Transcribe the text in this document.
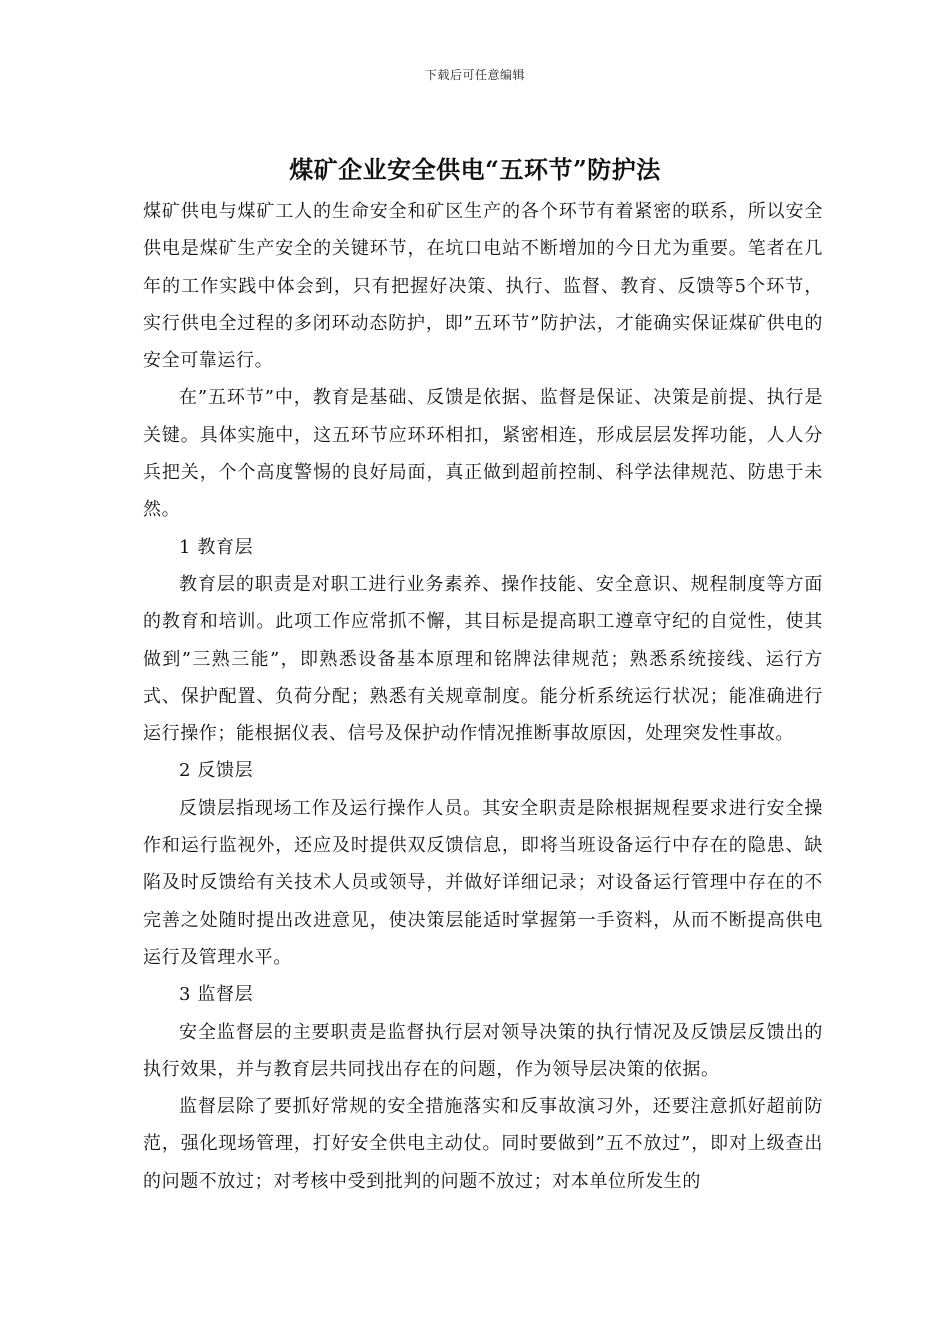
下载后可任意编辑
煤矿企业安全供电“五环节”防护法

煤矿供电与煤矿工人的生命安全和矿区生产的各个环节有着紧密的联系，所以安全供电是煤矿生产安全的关键环节，在坑口电站不断增加的今日尤为重要。笔者在几年的工作实践中体会到，只有把握好决策、执行、监督、教育、反馈等5个环节，实行供电全过程的多闭环动态防护，即”五环节”防护法，才能确实保证煤矿供电的安全可靠运行。

在”五环节”中，教育是基础、反馈是依据、监督是保证、决策是前提、执行是关键。具体实施中，这五环节应环环相扣，紧密相连，形成层层发挥功能，人人分兵把关，个个高度警惕的良好局面，真正做到超前控制、科学法律规范、防患于未然。

1 教育层

教育层的职责是对职工进行业务素养、操作技能、安全意识、规程制度等方面的教育和培训。此项工作应常抓不懈，其目标是提高职工遵章守纪的自觉性，使其做到”三熟三能”，即熟悉设备基本原理和铭牌法律规范；熟悉系统接线、运行方式、保护配置、负荷分配；熟悉有关规章制度。能分析系统运行状况；能准确进行运行操作；能根据仪表、信号及保护动作情况推断事故原因，处理突发性事故。

2 反馈层

反馈层指现场工作及运行操作人员。其安全职责是除根据规程要求进行安全操作和运行监视外，还应及时提供双反馈信息，即将当班设备运行中存在的隐患、缺陷及时反馈给有关技术人员或领导，并做好详细记录；对设备运行管理中存在的不完善之处随时提出改进意见，使决策层能适时掌握第一手资料，从而不断提高供电运行及管理水平。

3 监督层

安全监督层的主要职责是监督执行层对领导决策的执行情况及反馈层反馈出的执行效果，并与教育层共同找出存在的问题，作为领导层决策的依据。

监督层除了要抓好常规的安全措施落实和反事故演习外，还要注意抓好超前防范，强化现场管理，打好安全供电主动仗。同时要做到”五不放过”，即对上级查出的问题不放过；对考核中受到批判的问题不放过；对本单位所发生的
